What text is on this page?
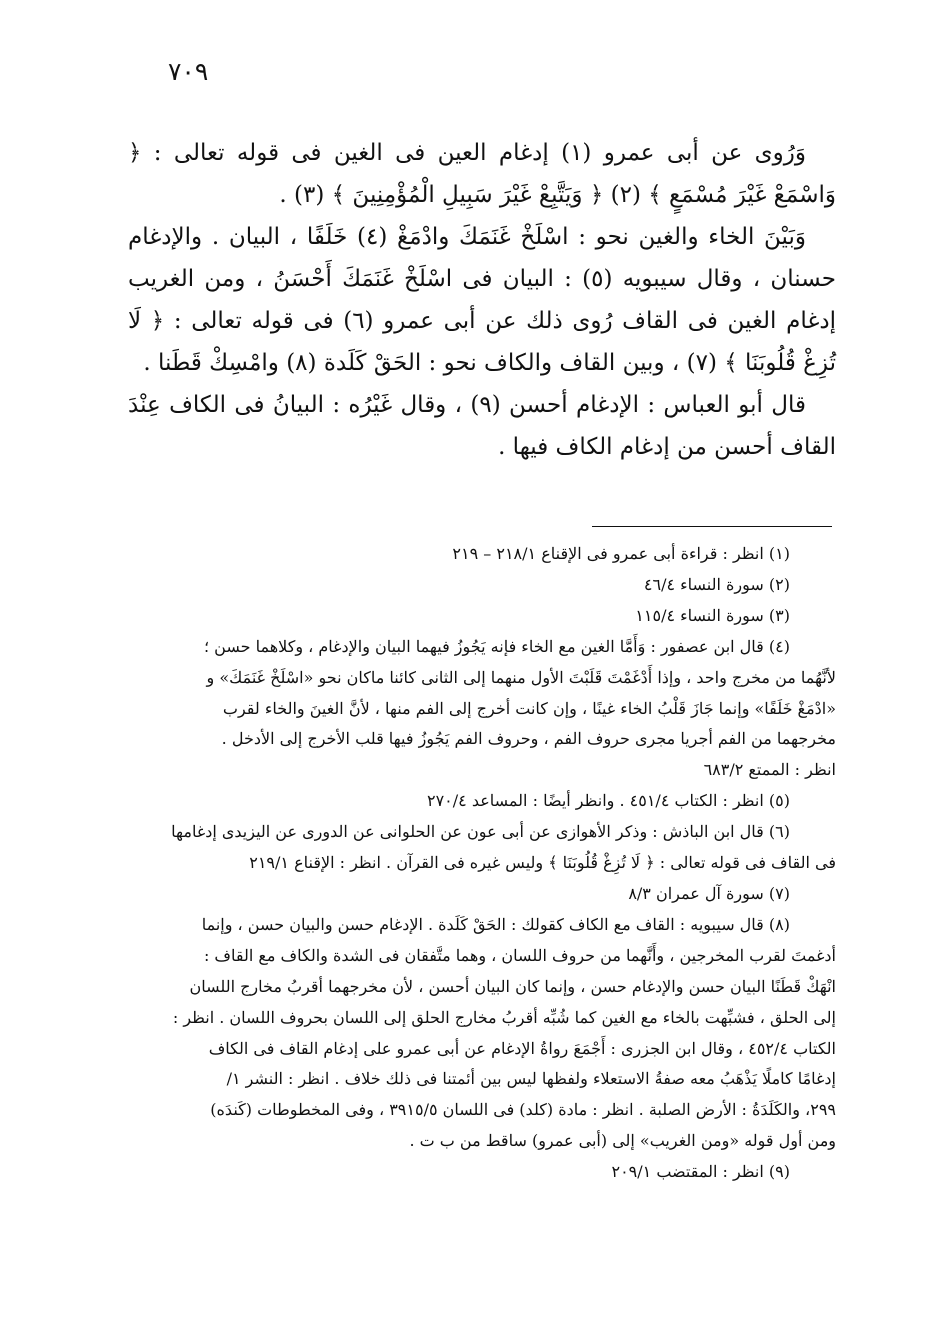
٧٠٩

وَرُوى عن أبى عمرو (١) إدغام العين فى الغين فى قوله تعالى : ﴿ وَاسْمَعْ غَيْرَ مُسْمَعٍ ﴾ (٢) ﴿ وَيَتَّبِعْ غَيْرَ سَبِيلِ الْمُؤْمِنِينَ ﴾ (٣) .

وَبَيْنَ الخاء والغين نحو : اسْلَخْ غَنَمَكَ وادْمَغْ (٤) خَلَفًا ، البيان . والإدغام حسنان ، وقال سيبويه (٥) : البيان فى اسْلَخْ غَنَمَكَ أَحْسَنُ ، ومن الغريب إدغام الغين فى القاف رُوى ذلك عن أبى عمرو (٦) فى قوله تعالى : ﴿ لَا تُزِغْ قُلُوبَنَا ﴾ (٧) ، وبين القاف والكاف نحو : الحَقْ كَلَدة (٨) وامْسِكْ قَطَنا .

قال أبو العباس : الإدغام أحسن (٩) ، وقال غَيْرُه : البيانُ فى الكاف عِنْدَ القاف أحسن من إدغام الكاف فيها .

(١) انظر : قراءة أبى عمرو فى الإقناع ٢١٨/١ – ٢١٩

(٢) سورة النساء ٤٦/٤

(٣) سورة النساء ١١٥/٤

(٤) قال ابن عصفور : وَأَمَّا الغين مع الخاء فإنه يَجُوزُ فيهما البيان والإدغام ، وكلاهما حسن ؛

لأنَّهُما من مخرج واحد ، وإذا أَدْغَمْتَ قَلَبْتَ الأول منهما إلى الثانى كائنا ماكان نحو «اسْلَخْ غَنَمَكَ» و

«ادْمَغْ خَلَفًا» وإنما جَازَ قَلْبُ الخاء غينًا ، وإن كانت أخرج إلى الفم منها ، لأنَّ الغينَ والخاء لقرب

مخرجهما من الفم أجريا مجرى حروف الفم ، وحروف الفم يَجُوزُ فيها قلب الأخرج إلى الأدخل .

انظر : الممتع ٦٨٣/٢

(٥) انظر : الكتاب ٤٥١/٤ . وانظر أيضًا : المساعد ٢٧٠/٤

(٦) قال ابن الباذش : وذكر الأهوازى عن أبى عون عن الحلوانى عن الدورى عن اليزيدى إدغامها

فى القاف فى قوله تعالى : ﴿ لَا تُزِغْ قُلُوبَنَا ﴾ وليس غيره فى القرآن . انظر : الإقناع ٢١٩/١

(٧) سورة آل عمران ٨/٣

(٨) قال سيبويه : القاف مع الكاف كقولك : الحَقْ كَلَدة . الإدغام حسن والبيان حسن ، وإنما

أدغمتَ لقرب المخرجين ، وأَنَّهما من حروف اللسان ، وهما متَّفقان فى الشدة والكاف مع القاف :

انْهَكْ قَطَنًا البيان حسن والإدغام حسن ، وإنما كان البيان أحسن ، لأن مخرجهما أقربُ مخارج اللسان

إلى الحلق ، فشبِّهت بالخاء مع الغين كما شُبِّه أقربُ مخارج الحلق إلى اللسان بحروف اللسان . انظر :

الكتاب ٤٥٢/٤ ، وقال ابن الجزرى : أَجْمَعَ رواةُ الإدغام عن أبى عمرو على إدغام القاف فى الكاف

إدغامًا كاملًا يَذْهَبُ معه صفةُ الاستعلاء ولفظها ليس بين أئمتنا فى ذلك خلاف . انظر : النشر ١/

٢٩٩، والكَلَدَةُ : الأرض الصلبة . انظر : مادة (كلد) فى اللسان ٣٩١٥/٥ ، وفى المخطوطات (كَندَه)

ومن أول قوله «ومن الغريب» إلى (أبى عمرو) ساقط من ب ت .

(٩) انظر : المقتضب ٢٠٩/١
